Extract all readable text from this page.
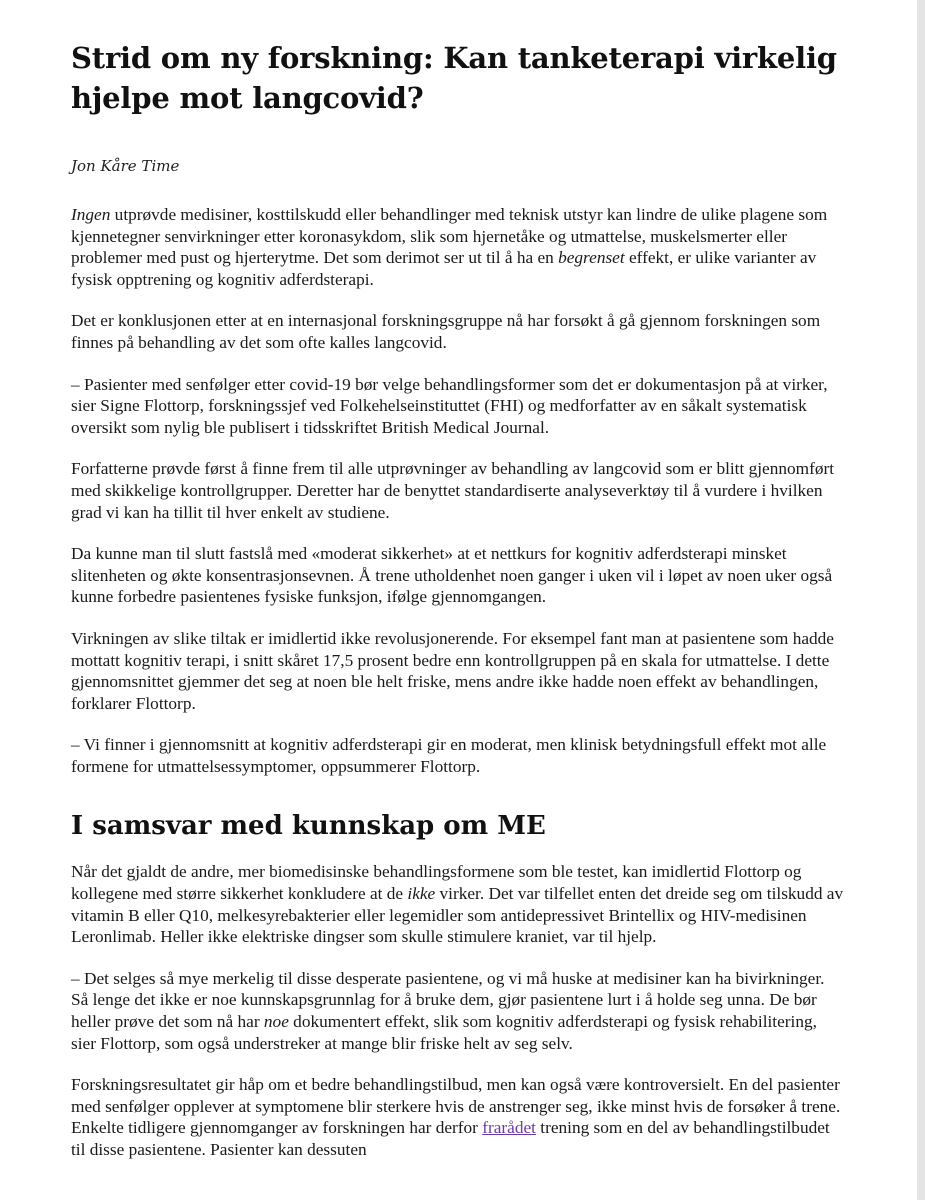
Strid om ny forskning: Kan tanketerapi virkelig hjelpe mot langcovid?
Jon Kåre Time

Ingen utprøvde medisiner, kosttilskudd eller behandlinger med teknisk utstyr kan lindre de ulike plagene som kjennetegner senvirkninger etter koronasykdom, slik som hjernetåke og utmattelse, muskelsmerter eller problemer med pust og hjerterytme. Det som derimot ser ut til å ha en begrenset effekt, er ulike varianter av fysisk opptrening og kognitiv adferdsterapi.

Det er konklusjonen etter at en internasjonal forskningsgruppe nå har forsøkt å gå gjennom forskningen som finnes på behandling av det som ofte kalles langcovid.

– Pasienter med senfølger etter covid-19 bør velge behandlingsformer som det er dokumentasjon på at virker, sier Signe Flottorp, forskningssjef ved Folkehelseinstituttet (FHI) og medforfatter av en såkalt systematisk oversikt som nylig ble publisert i tidsskriftet British Medical Journal.

Forfatterne prøvde først å finne frem til alle utprøvninger av behandling av langcovid som er blitt gjennomført med skikkelige kontrollgrupper. Deretter har de benyttet standardiserte analyseverktøy til å vurdere i hvilken grad vi kan ha tillit til hver enkelt av studiene.

Da kunne man til slutt fastslå med «moderat sikkerhet» at et nettkurs for kognitiv adferdsterapi minsket slitenheten og økte konsentrasjonsevnen. Å trene utholdenhet noen ganger i uken vil i løpet av noen uker også kunne forbedre pasientenes fysiske funksjon, ifølge gjennomgangen.

Virkningen av slike tiltak er imidlertid ikke revolusjonerende. For eksempel fant man at pasientene som hadde mottatt kognitiv terapi, i snitt skåret 17,5 prosent bedre enn kontrollgruppen på en skala for utmattelse. I dette gjennomsnittet gjemmer det seg at noen ble helt friske, mens andre ikke hadde noen effekt av behandlingen, forklarer Flottorp.

– Vi finner i gjennomsnitt at kognitiv adferdsterapi gir en moderat, men klinisk betydningsfull effekt mot alle formene for utmattelsessymptomer, oppsummerer Flottorp.

I samsvar med kunnskap om ME

Når det gjaldt de andre, mer biomedisinske behandlingsformene som ble testet, kan imidlertid Flottorp og kollegene med større sikkerhet konkludere at de ikke virker. Det var tilfellet enten det dreide seg om tilskudd av vitamin B eller Q10, melkesyrebakterier eller legemidler som antidepressivet Brintellix og HIV-medisinen Leronlimab. Heller ikke elektriske dingser som skulle stimulere kraniet, var til hjelp.

– Det selges så mye merkelig til disse desperate pasientene, og vi må huske at medisiner kan ha bivirkninger. Så lenge det ikke er noe kunnskapsgrunnlag for å bruke dem, gjør pasientene lurt i å holde seg unna. De bør heller prøve det som nå har noe dokumentert effekt, slik som kognitiv adferdsterapi og fysisk rehabilitering, sier Flottorp, som også understreker at mange blir friske helt av seg selv.

Forskningsresultatet gir håp om et bedre behandlingstilbud, men kan også være kontroversielt. En del pasienter med senfølger opplever at symptomene blir sterkere hvis de anstrenger seg, ikke minst hvis de forsøker å trene. Enkelte tidligere gjennomganger av forskningen har derfor frarådet trening som en del av behandlingstilbudet til disse pasientene. Pasienter kan dessuten
